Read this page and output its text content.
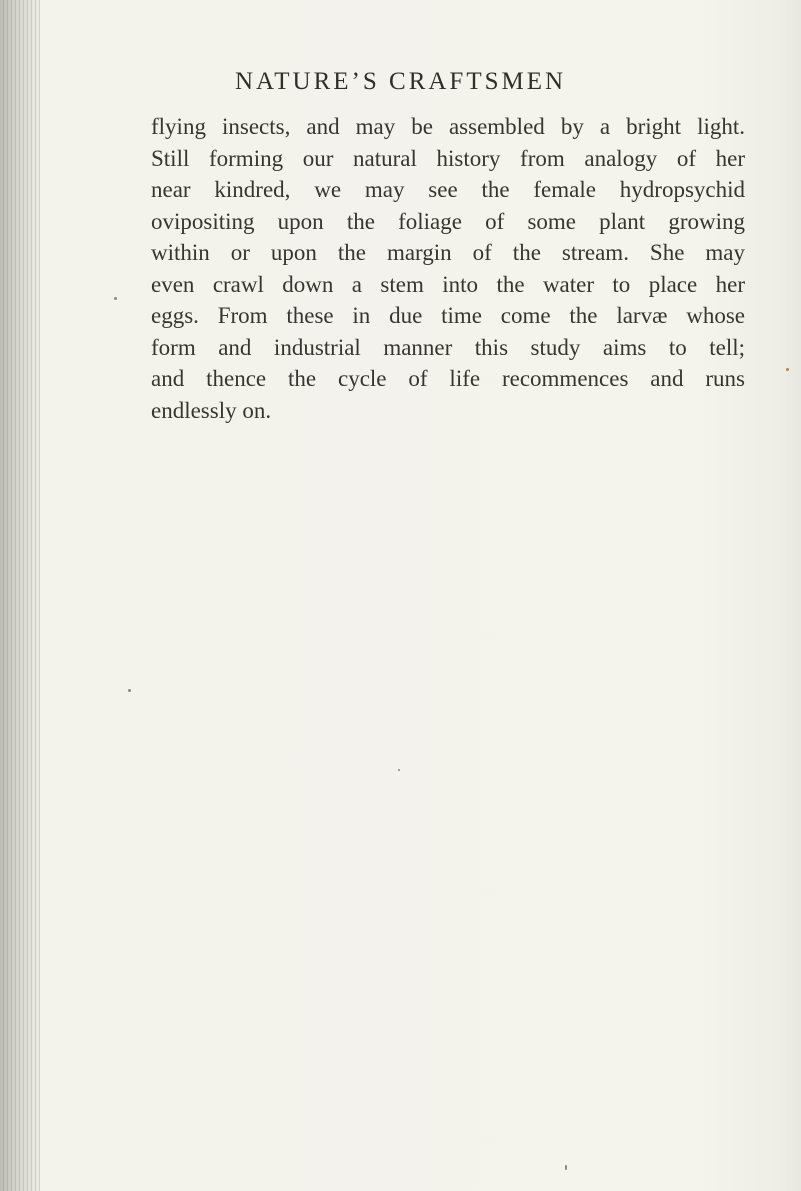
NATURE’S CRAFTSMEN
flying insects, and may be assembled by a bright light.
Still forming our natural history from analogy of her
near kindred, we may see the female hydropsychid
ovipositing upon the foliage of some plant growing
within or upon the margin of the stream. She may
even crawl down a stem into the water to place her
eggs. From these in due time come the larvæ whose
form and industrial manner this study aims to tell;
and thence the cycle of life recommences and runs
endlessly on.
